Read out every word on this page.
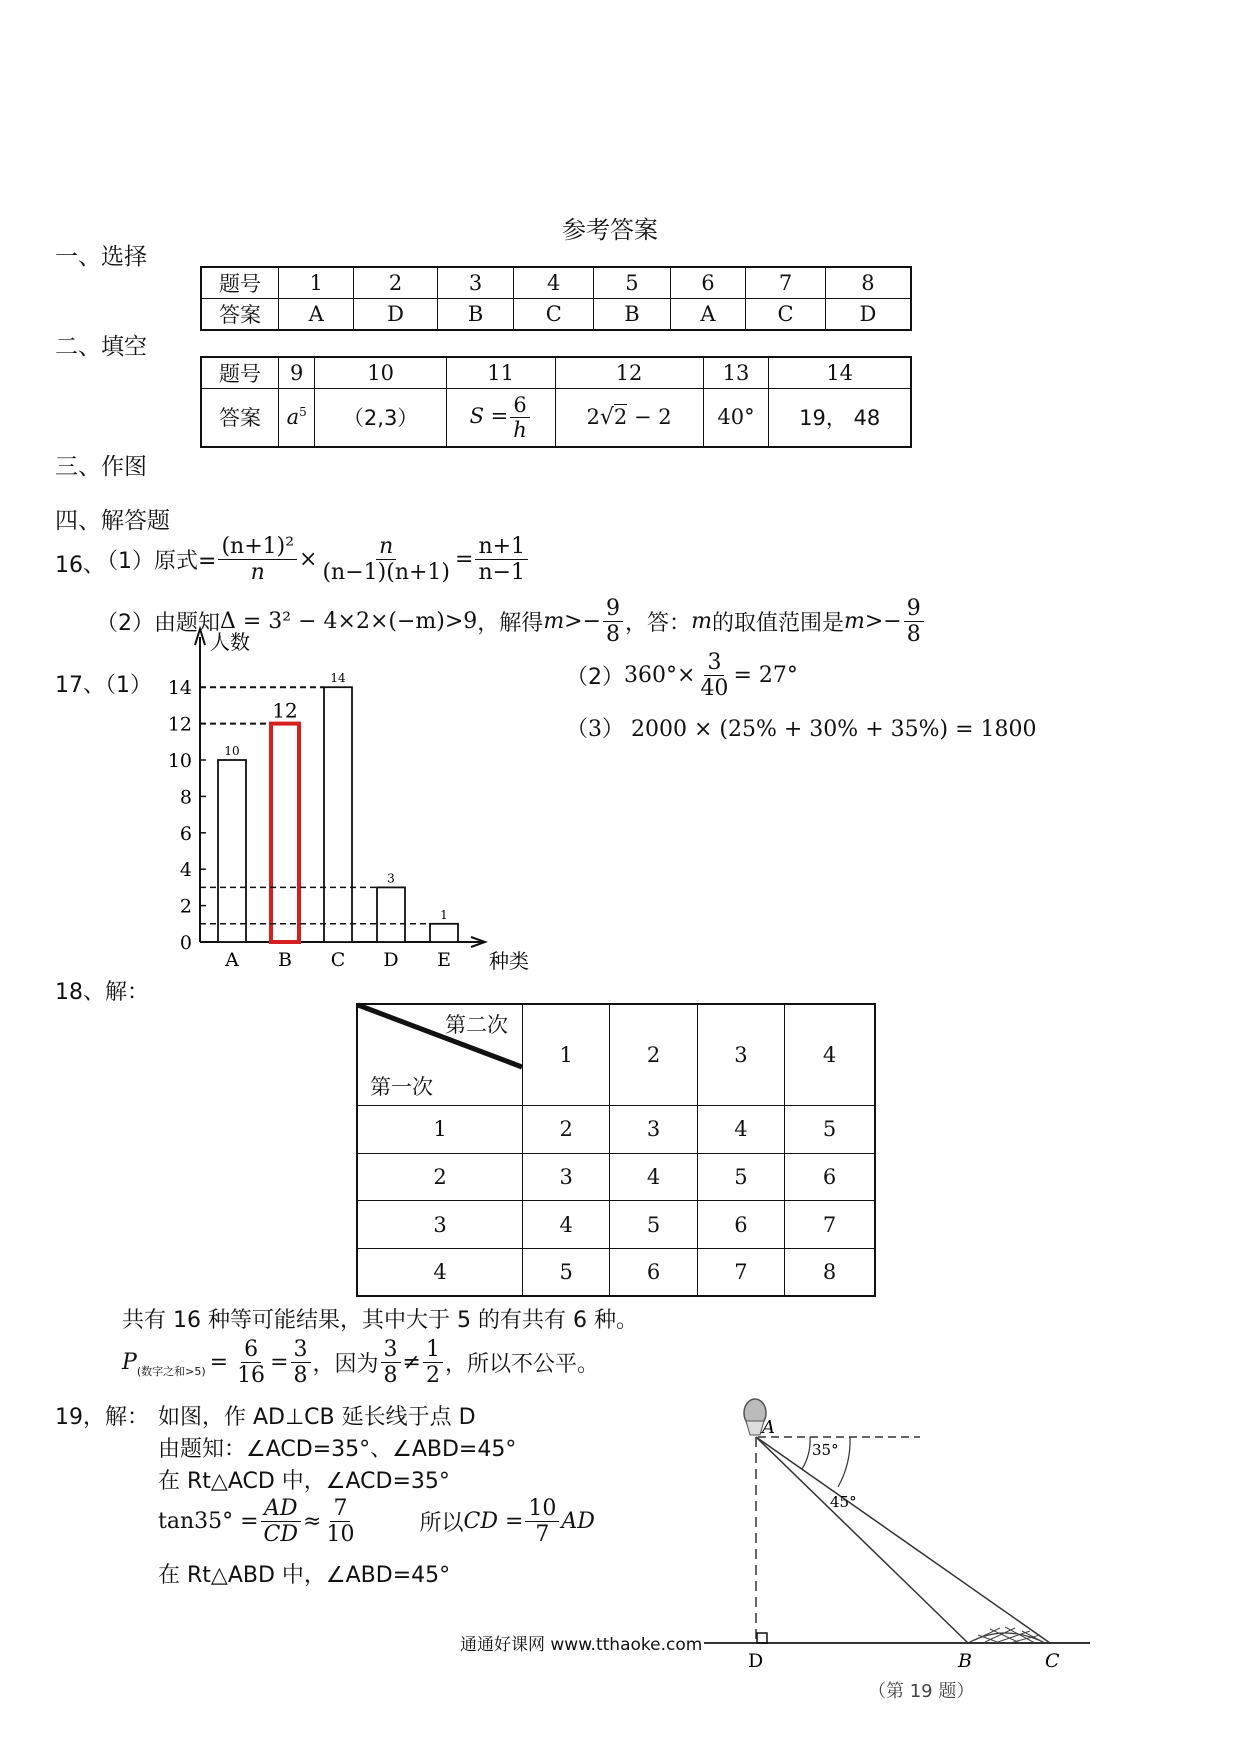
参考答案
一、选择
题号	1	2	3	4	5	6	7	8
答案	A	D	B	C	B	A	C	D
二、填空
题号	9	10	11	12	13	14
答案	$a^5$	（2,3）	$S = \frac{6}{h}$	2√2 − 2	40°	19， 48
三、作图
四、解答题
16、
（1）原式= $\frac{\text{(n+1)²}}{n} \times \frac{n}{(n-1)(n+1)} = \frac{n+1}{n-1}$
（2）由题知 Δ = 3² − 4×2×(−m)>9 ，解得 $m>- \frac{9}{8}$ ，答： m 的取值范围是 $m>- \frac{9}{8}$
17、（1）
人数
种类
0
2
4
6
8
10
12
14
10
A
12
B
14
C
3
D
1
E
（2） $360^\circ\times \frac{3}{40} = 27^\circ$
（3） 2000 × (25% + 30% + 35%) = 1800
18、解：
第二次
第一次	1	2	3	4
1	2	3	4	5
2	3	4	5	6
3	4	5	6	7
4	5	6	7	8
共有 16 种等可能结果，其中大于 5 的有共有 6 种。
P (数字之和$>5) = \frac{6}{16} = \frac{3}{8}$ ，因为 $\frac{3}{8} \ne \frac{1}{2}$ ，所以不公平。
19，解： 如图，作 AD⊥CB 延长线于点 D
由题知：∠ACD=35°、∠ABD=45°
在 Rt△ACD 中，∠ACD=35°
$\tan 35^\circ = \frac{AD}{CD} \approx \frac{7}{10}$	所以 CD = $\frac{10}{7}$ AD
在 Rt△ABD 中，∠ABD=45°
A
35°
45°
D	B	C
（第 19 题）
通通好课网 www.tthaoke.com
